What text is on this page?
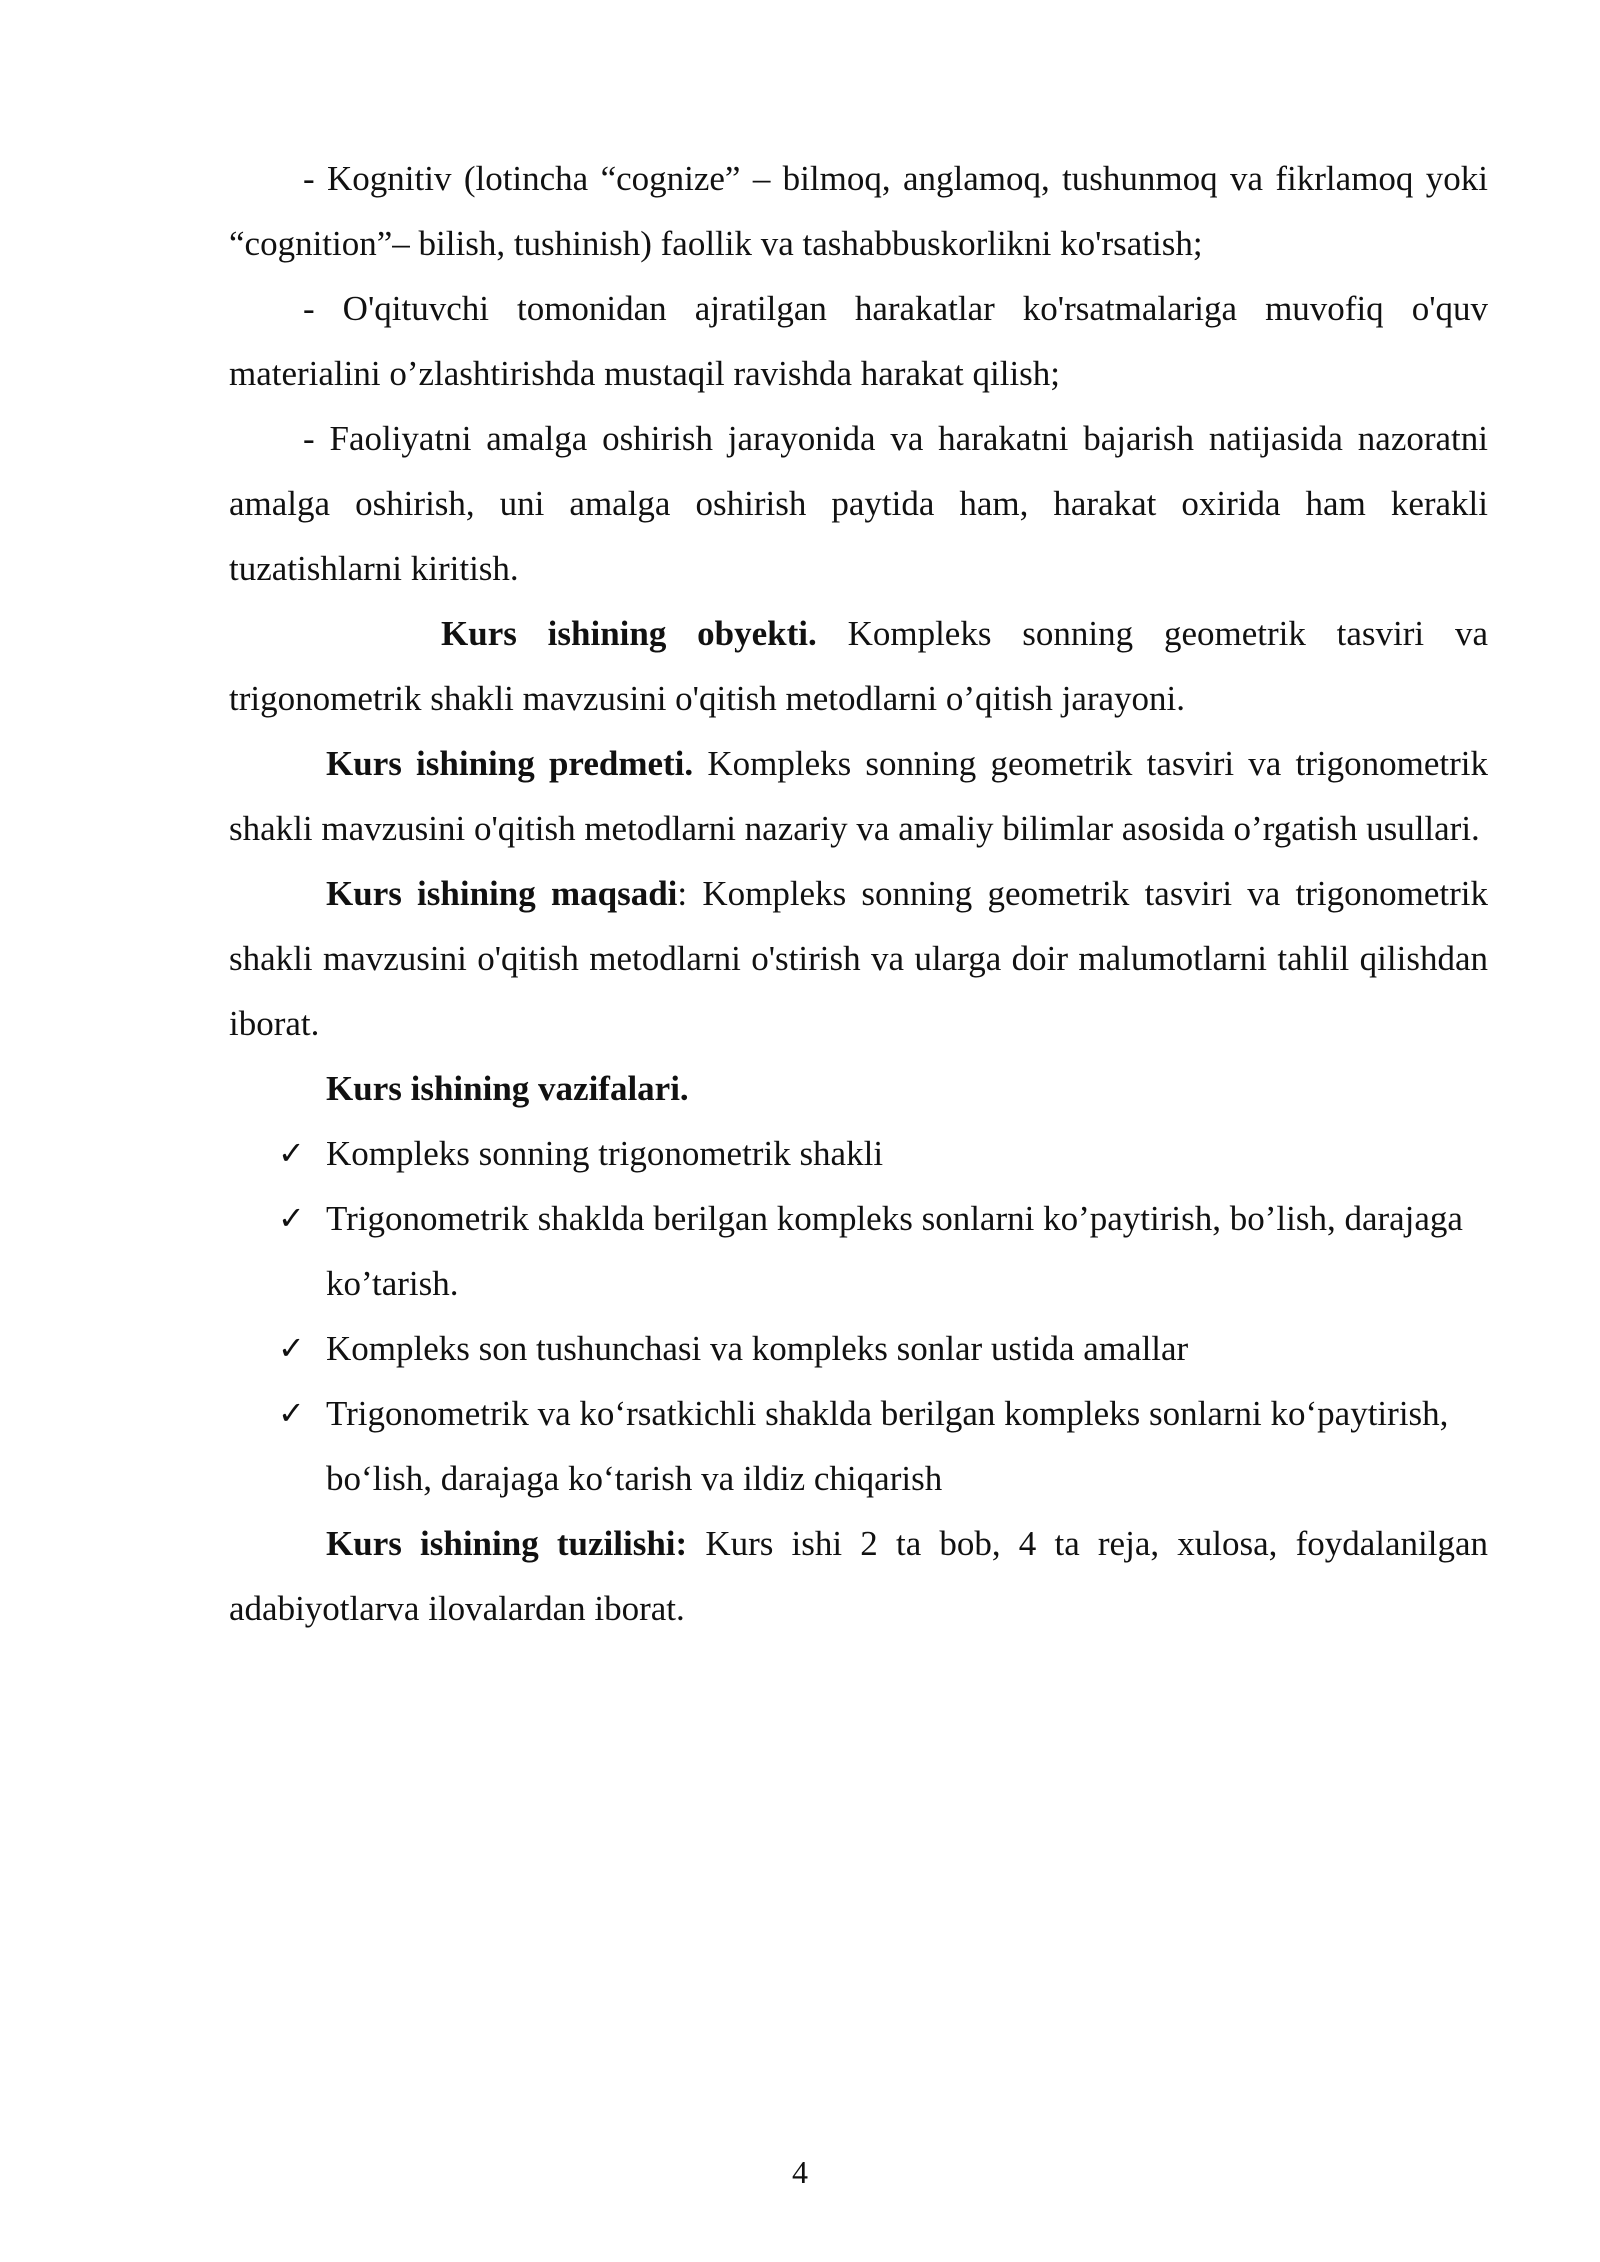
- Kognitiv (lotincha “cognize” – bilmoq, anglamoq, tushunmoq va fikrlamoq yoki “cognition”– bilish, tushinish) faollik va tashabbuskorlikni ko'rsatish;

- O'qituvchi tomonidan ajratilgan harakatlar ko'rsatmalariga muvofiq o'quv materialini o’zlashtirishda mustaqil ravishda harakat qilish;

- Faoliyatni amalga oshirish jarayonida va harakatni bajarish natijasida nazoratni amalga oshirish, uni amalga oshirish paytida ham, harakat oxirida ham kerakli tuzatishlarni kiritish.

Kurs ishining obyekti. Kompleks sonning geometrik tasviri va trigonometrik shakli mavzusini o'qitish metodlarni o’qitish jarayoni.

Kurs ishining predmeti. Kompleks sonning geometrik tasviri va trigonometrik shakli mavzusini o'qitish metodlarni nazariy va amaliy bilimlar asosida o’rgatish usullari.

Kurs ishining maqsadi: Kompleks sonning geometrik tasviri va trigonometrik shakli mavzusini o'qitish metodlarni o'stirish va ularga doir malumotlarni tahlil qilishdan iborat.

Kurs ishining vazifalari.

✓ Kompleks sonning trigonometrik shakli
✓ Trigonometrik shaklda berilgan kompleks sonlarni ko’paytirish, bo’lish, darajaga ko’tarish.
✓ Kompleks son tushunchasi va kompleks sonlar ustida amallar
✓ Trigonometrik va ko‘rsatkichli shaklda berilgan kompleks sonlarni ko‘paytirish, bo‘lish, darajaga ko‘tarish va ildiz chiqarish

Kurs ishining tuzilishi: Kurs ishi 2 ta bob, 4 ta reja, xulosa, foydalanilgan adabiyotlarva ilovalardan iborat.

4
